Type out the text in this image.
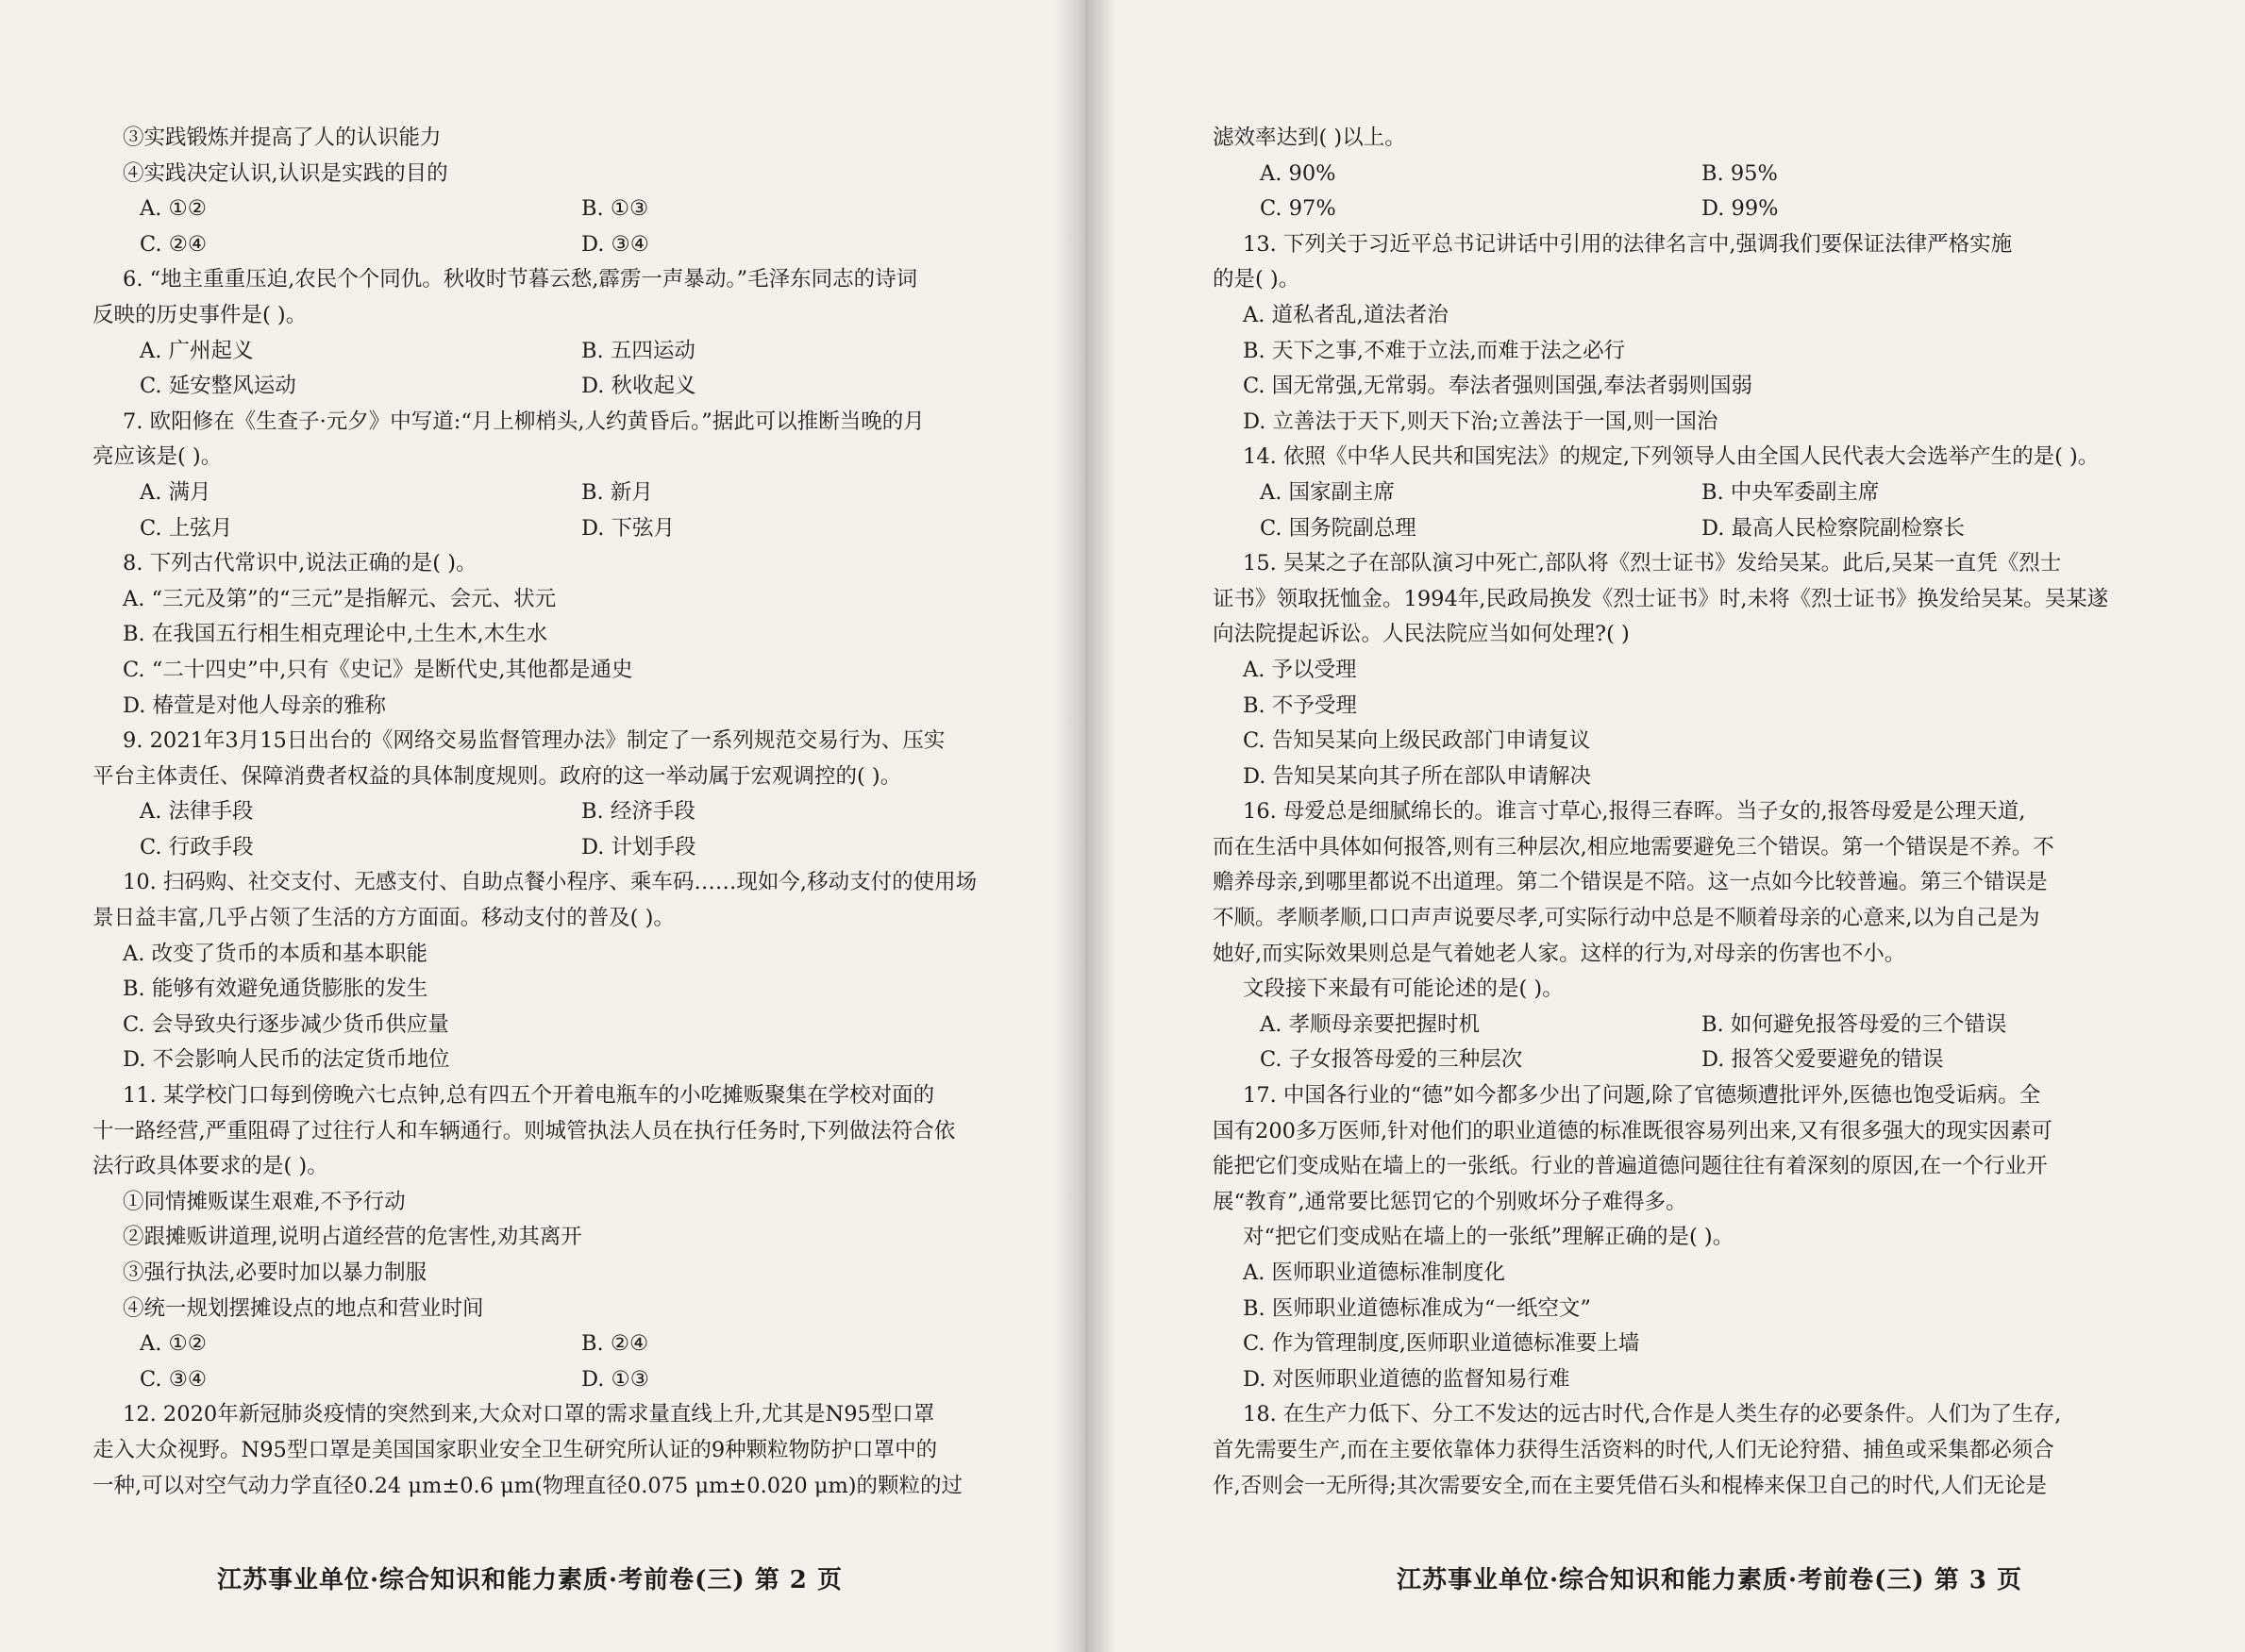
③实践锻炼并提高了人的认识能力
④实践决定认识,认识是实践的目的
A. ①②	B. ①③
C. ②④	D. ③④
6. “地主重重压迫,农民个个同仇。秋收时节暮云愁,霹雳一声暴动。”毛泽东同志的诗词
反映的历史事件是( )。
A. 广州起义	B. 五四运动
C. 延安整风运动	D. 秋收起义
7. 欧阳修在《生查子·元夕》中写道:“月上柳梢头,人约黄昏后。”据此可以推断当晚的月
亮应该是( )。
A. 满月	B. 新月
C. 上弦月	D. 下弦月
8. 下列古代常识中,说法正确的是( )。
A. “三元及第”的“三元”是指解元、会元、状元
B. 在我国五行相生相克理论中,土生木,木生水
C. “二十四史”中,只有《史记》是断代史,其他都是通史
D. 椿萱是对他人母亲的雅称
9. 2021年3月15日出台的《网络交易监督管理办法》制定了一系列规范交易行为、压实
平台主体责任、保障消费者权益的具体制度规则。政府的这一举动属于宏观调控的( )。
A. 法律手段	B. 经济手段
C. 行政手段	D. 计划手段
10. 扫码购、社交支付、无感支付、自助点餐小程序、乘车码……现如今,移动支付的使用场
景日益丰富,几乎占领了生活的方方面面。移动支付的普及( )。
A. 改变了货币的本质和基本职能
B. 能够有效避免通货膨胀的发生
C. 会导致央行逐步减少货币供应量
D. 不会影响人民币的法定货币地位
11. 某学校门口每到傍晚六七点钟,总有四五个开着电瓶车的小吃摊贩聚集在学校对面的
十一路经营,严重阻碍了过往行人和车辆通行。则城管执法人员在执行任务时,下列做法符合依
法行政具体要求的是( )。
①同情摊贩谋生艰难,不予行动
②跟摊贩讲道理,说明占道经营的危害性,劝其离开
③强行执法,必要时加以暴力制服
④统一规划摆摊设点的地点和营业时间
A. ①②	B. ②④
C. ③④	D. ①③
12. 2020年新冠肺炎疫情的突然到来,大众对口罩的需求量直线上升,尤其是N95型口罩
走入大众视野。N95型口罩是美国国家职业安全卫生研究所认证的9种颗粒物防护口罩中的
一种,可以对空气动力学直径0.24 μm±0.6 μm(物理直径0.075 μm±0.020 μm)的颗粒的过
江苏事业单位·综合知识和能力素质·考前卷(三) 第 2 页
滤效率达到( )以上。
A. 90%	B. 95%
C. 97%	D. 99%
13. 下列关于习近平总书记讲话中引用的法律名言中,强调我们要保证法律严格实施
的是( )。
A. 道私者乱,道法者治
B. 天下之事,不难于立法,而难于法之必行
C. 国无常强,无常弱。奉法者强则国强,奉法者弱则国弱
D. 立善法于天下,则天下治;立善法于一国,则一国治
14. 依照《中华人民共和国宪法》的规定,下列领导人由全国人民代表大会选举产生的是( )。
A. 国家副主席	B. 中央军委副主席
C. 国务院副总理	D. 最高人民检察院副检察长
15. 吴某之子在部队演习中死亡,部队将《烈士证书》发给吴某。此后,吴某一直凭《烈士
证书》领取抚恤金。1994年,民政局换发《烈士证书》时,未将《烈士证书》换发给吴某。吴某遂
向法院提起诉讼。人民法院应当如何处理?( )
A. 予以受理
B. 不予受理
C. 告知吴某向上级民政部门申请复议
D. 告知吴某向其子所在部队申请解决
16. 母爱总是细腻绵长的。谁言寸草心,报得三春晖。当子女的,报答母爱是公理天道,
而在生活中具体如何报答,则有三种层次,相应地需要避免三个错误。第一个错误是不养。不
赡养母亲,到哪里都说不出道理。第二个错误是不陪。这一点如今比较普遍。第三个错误是
不顺。孝顺孝顺,口口声声说要尽孝,可实际行动中总是不顺着母亲的心意来,以为自己是为
她好,而实际效果则总是气着她老人家。这样的行为,对母亲的伤害也不小。
文段接下来最有可能论述的是( )。
A. 孝顺母亲要把握时机	B. 如何避免报答母爱的三个错误
C. 子女报答母爱的三种层次	D. 报答父爱要避免的错误
17. 中国各行业的“德”如今都多少出了问题,除了官德频遭批评外,医德也饱受诟病。全
国有200多万医师,针对他们的职业道德的标准既很容易列出来,又有很多强大的现实因素可
能把它们变成贴在墙上的一张纸。行业的普遍道德问题往往有着深刻的原因,在一个行业开
展“教育”,通常要比惩罚它的个别败坏分子难得多。
对“把它们变成贴在墙上的一张纸”理解正确的是( )。
A. 医师职业道德标准制度化
B. 医师职业道德标准成为“一纸空文”
C. 作为管理制度,医师职业道德标准要上墙
D. 对医师职业道德的监督知易行难
18. 在生产力低下、分工不发达的远古时代,合作是人类生存的必要条件。人们为了生存,
首先需要生产,而在主要依靠体力获得生活资料的时代,人们无论狩猎、捕鱼或采集都必须合
作,否则会一无所得;其次需要安全,而在主要凭借石头和棍棒来保卫自己的时代,人们无论是
江苏事业单位·综合知识和能力素质·考前卷(三) 第 3 页
